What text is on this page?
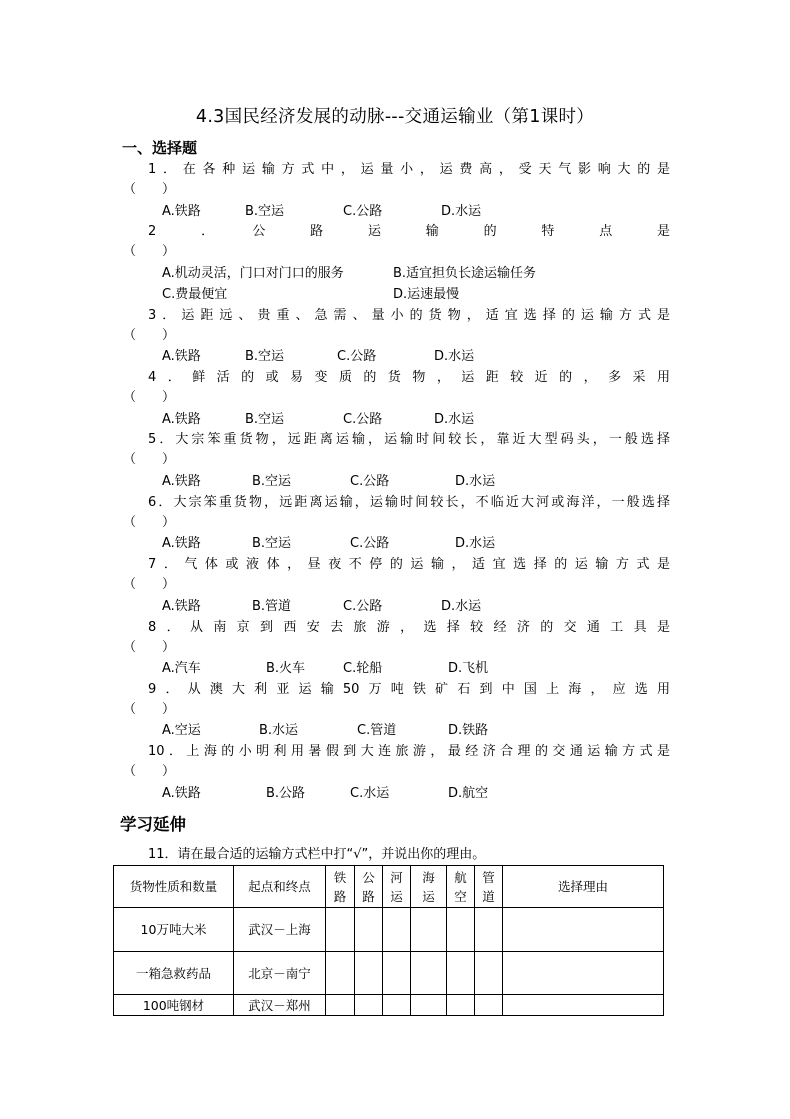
4.3国民经济发展的动脉---交通运输业（第1课时）
一、选择题
1．在各种运输方式中，运量小，运费高，受天气影响大的是
（　　）
A.铁路	B.空运	C.公路	D.水运
2　．　公　路　运　输　的　特　点　是
（　　）
A.机动灵活，门口对门口的服务	B.适宜担负长途运输任务
C.费最便宜	D.运速最慢
3．运距远、贵重、急需、量小的货物，适宜选择的运输方式是
（　　）
A.铁路	B.空运	C.公路	D.水运
4．鲜活的或易变质的货物，运距较近的，多采用
（　　）
A.铁路	B.空运	C.公路	D.水运
5．大宗笨重货物，远距离运输，运输时间较长，靠近大型码头，一般选择
（　　）
A.铁路	B.空运	C.公路	D.水运
6．大宗笨重货物，远距离运输，运输时间较长，不临近大河或海洋，一般选择
（　　）
A.铁路	B.空运	C.公路	D.水运
7．气体或液体，昼夜不停的运输，适宜选择的运输方式是
（　　）
A.铁路	B.管道	C.公路	D.水运
8．从南京到西安去旅游，选择较经济的交通工具是
（　　）
A.汽车	B.火车	C.轮船	D.飞机
9．从澳大利亚运输50万吨铁矿石到中国上海，应选用
（　　）
A.空运	B.水运	C.管道	D.铁路
10．上海的小明利用暑假到大连旅游，最经济合理的交通运输方式是
（　　）
A.铁路	B.公路	C.水运	D.航空
学习延伸
11．请在最合适的运输方式栏中打“√”，并说出你的理由。
货物性质和数量	起点和终点	铁路	公路	河运	海运	航空	管道	选择理由
10万吨大米	武汉－上海							
一箱急救药品	北京－南宁							
100吨钢材	武汉－郑州							
